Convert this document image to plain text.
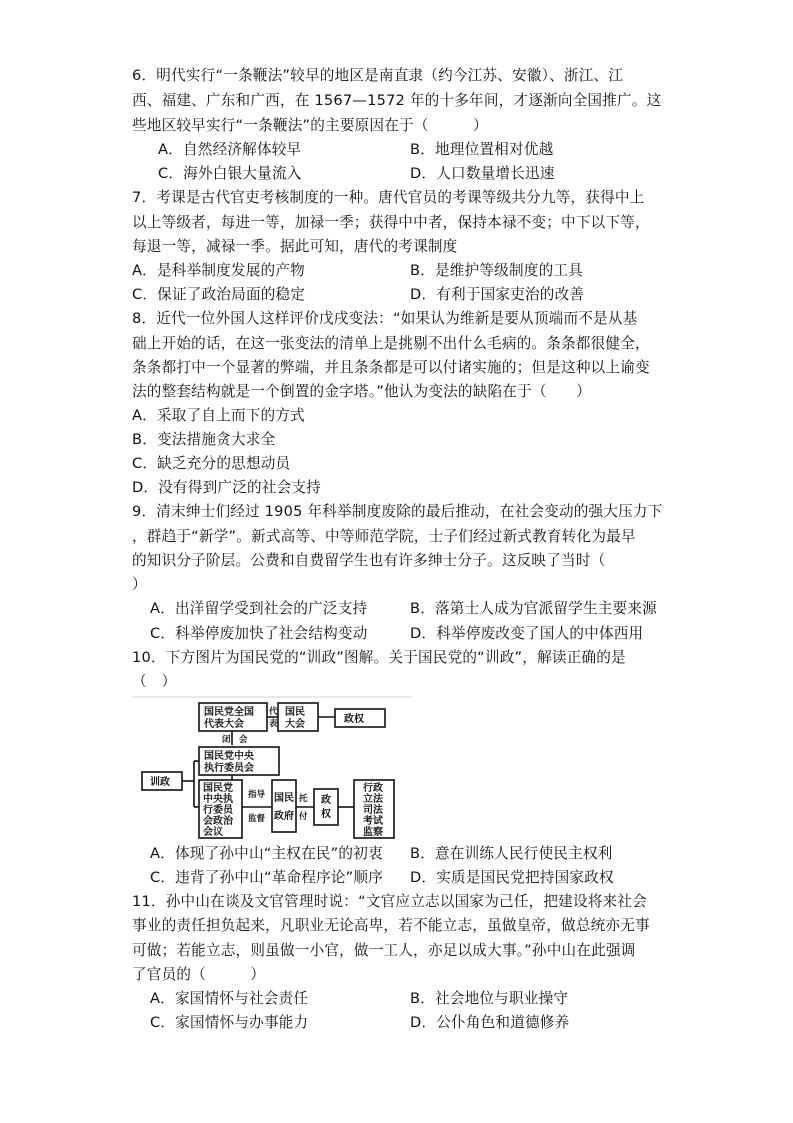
6．明代实行“一条鞭法”较早的地区是南直隶（约今江苏、安徽）、浙江、江
西、福建、广东和广西，在 1567—1572 年的十多年间，才逐渐向全国推广。这
些地区较早实行“一条鞭法”的主要原因在于（　　　）
A．自然经济解体较早	B．地理位置相对优越
C．海外白银大量流入	D．人口数量增长迅速
7．考课是古代官吏考核制度的一种。唐代官员的考课等级共分九等，获得中上
以上等级者，每进一等，加禄一季；获得中中者，保持本禄不变；中下以下等，
每退一等，减禄一季。据此可知，唐代的考课制度
A．是科举制度发展的产物	B．是维护等级制度的工具
C．保证了政治局面的稳定	D．有利于国家吏治的改善
8．近代一位外国人这样评价戊戌变法：“如果认为维新是要从顶端而不是从基
础上开始的话，在这一张变法的清单上是挑剔不出什么毛病的。条条都很健全，
条条都打中一个显著的弊端，并且条条都是可以付诸实施的；但是这种以上谕变
法的整套结构就是一个倒置的金字塔。”他认为变法的缺陷在于（　　）
A．采取了自上而下的方式
B．变法措施贪大求全
C．缺乏充分的思想动员
D．没有得到广泛的社会支持
9．清末绅士们经过 1905 年科举制度废除的最后推动，在社会变动的强大压力下
，群趋于“新学”。新式高等、中等师范学院，士子们经过新式教育转化为最早
的知识分子阶层。公费和自费留学生也有许多绅士分子。这反映了当时（
）
A．出洋留学受到社会的广泛支持	B．落第士人成为官派留学生主要来源
C．科举停废加快了社会结构变动	D．科举停废改变了国人的中体西用
10．下方图片为国民党的“训政”图解。关于国民党的“训政”，解读正确的是
（　）
国民党全国
代表大会
代
表
国民
大会	政权
闭　会
国民党中央
执行委员会
训政
国民党
中央执
行委员
会政治
会议
指导
监督
国民
政府
托
付
政
权
行政
立法
司法
考试
监察
A．体现了孙中山“主权在民”的初衷 B．意在训练人民行使民主权利
C．违背了孙中山“革命程序论”顺序 D．实质是国民党把持国家政权
11．孙中山在谈及文官管理时说：“文官应立志以国家为己任，把建设将来社会
事业的责任担负起来，凡职业无论高卑，若不能立志，虽做皇帝，做总统亦无事
可做；若能立志，则虽做一小官，做一工人，亦足以成大事。”孙中山在此强调
了官员的（　　　）
A．家国情怀与社会责任	B．社会地位与职业操守
C．家国情怀与办事能力	D．公仆角色和道德修养
